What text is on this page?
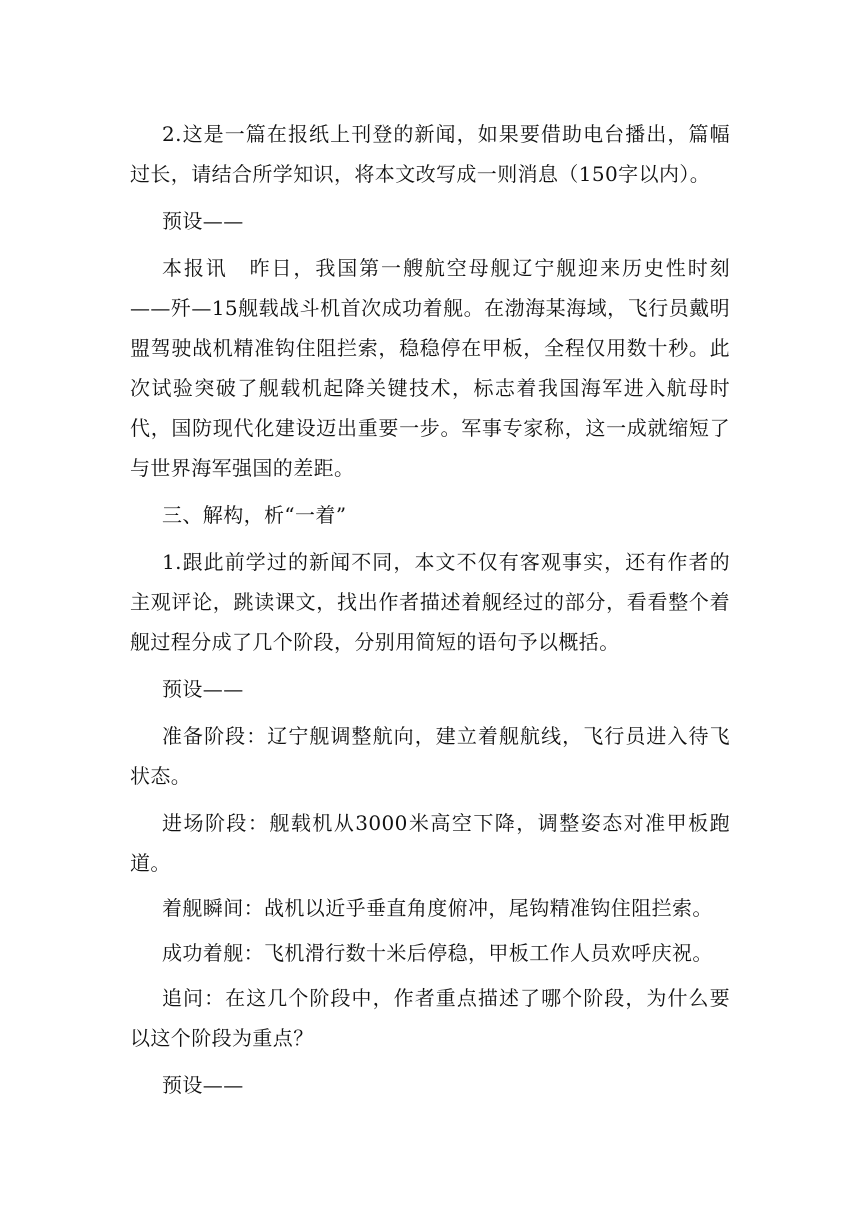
2.这是一篇在报纸上刊登的新闻，如果要借助电台播出，篇幅过长，请结合所学知识，将本文改写成一则消息（150字以内）。

预设——

本报讯　昨日，我国第一艘航空母舰辽宁舰迎来历史性时刻——歼—15舰载战斗机首次成功着舰。在渤海某海域，飞行员戴明盟驾驶战机精准钩住阻拦索，稳稳停在甲板，全程仅用数十秒。此次试验突破了舰载机起降关键技术，标志着我国海军进入航母时代，国防现代化建设迈出重要一步。军事专家称，这一成就缩短了与世界海军强国的差距。

三、解构，析“一着”

1.跟此前学过的新闻不同，本文不仅有客观事实，还有作者的主观评论，跳读课文，找出作者描述着舰经过的部分，看看整个着舰过程分成了几个阶段，分别用简短的语句予以概括。

预设——

准备阶段：辽宁舰调整航向，建立着舰航线，飞行员进入待飞状态。

进场阶段：舰载机从3000米高空下降，调整姿态对准甲板跑道。

着舰瞬间：战机以近乎垂直角度俯冲，尾钩精准钩住阻拦索。

成功着舰：飞机滑行数十米后停稳，甲板工作人员欢呼庆祝。

追问：在这几个阶段中，作者重点描述了哪个阶段，为什么要以这个阶段为重点？

预设——
